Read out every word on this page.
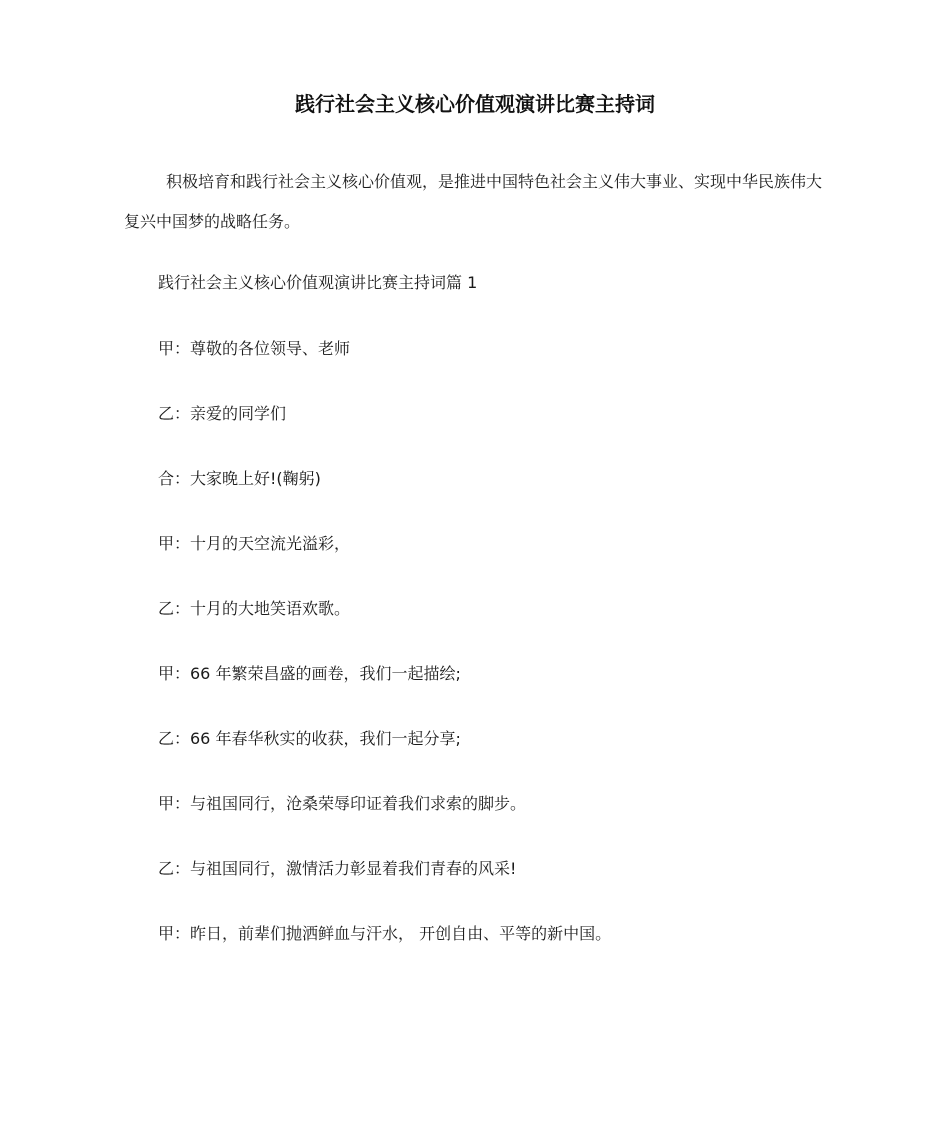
践行社会主义核心价值观演讲比赛主持词

积极培育和践行社会主义核心价值观，是推进中国特色社会主义伟大事业、实现中华民族伟大复兴中国梦的战略任务。

践行社会主义核心价值观演讲比赛主持词篇 1

甲：尊敬的各位领导、老师

乙：亲爱的同学们

合：大家晚上好!(鞠躬)

甲：十月的天空流光溢彩，

乙：十月的大地笑语欢歌。

甲：66 年繁荣昌盛的画卷，我们一起描绘;

乙：66 年春华秋实的收获，我们一起分享;

甲：与祖国同行，沧桑荣辱印证着我们求索的脚步。

乙：与祖国同行，激情活力彰显着我们青春的风采!

甲：昨日，前辈们抛洒鲜血与汗水， 开创自由、平等的新中国。
